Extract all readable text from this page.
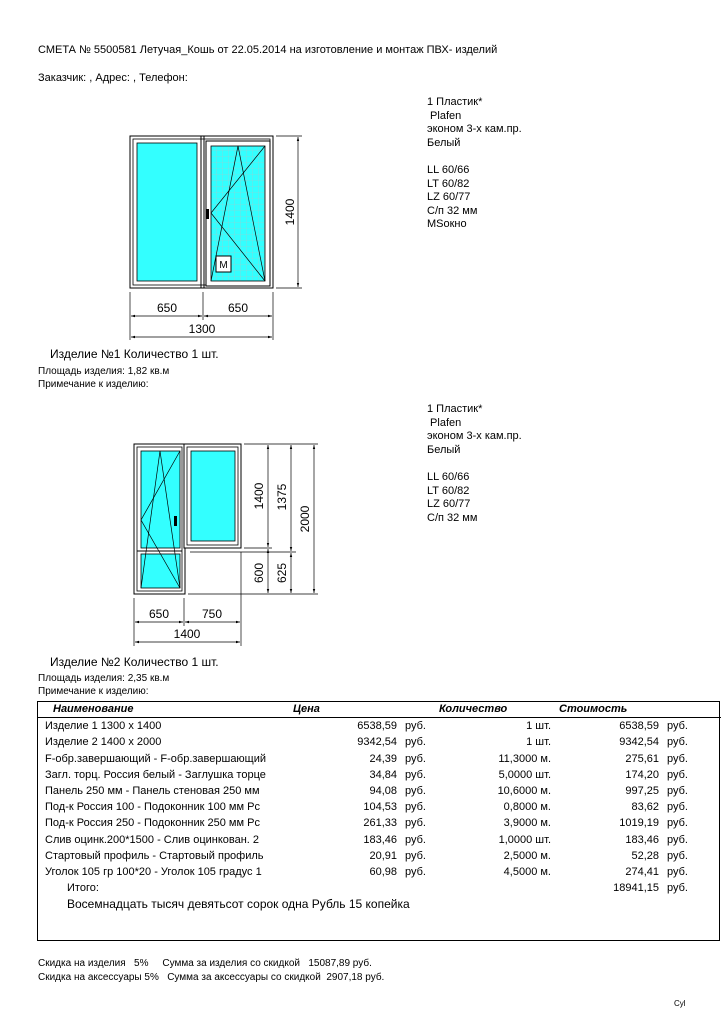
СМЕТА № 5500581 Летучая_Кошь от 22.05.2014 на изготовление и монтаж ПВХ- изделий
Заказчик: , Адрес: , Телефон:
1 Пластик*
Plafen
эконом 3-х кам.пр.
Белый
LL 60/66
LT 60/82
LZ 60/77
С/п 32 мм
MSокно
1 Пластик*
Plafen
эконом 3-х кам.пр.
Белый
LL 60/66
LT 60/82
LZ 60/77
С/п 32 мм
М
650	650
1300
1400
650	750
1400
1400
600
1375
625
2000
Изделие №1 Количество 1 шт.
Площадь изделия: 1,82 кв.м
Примечание к изделию:
Изделие №2 Количество 1 шт.
Площадь изделия: 2,35 кв.м
Примечание к изделию:
Наименование	Цена		Количество	Стоимость	
Изделие 1 1300 x 1400	6538,59	руб.	1 шт.	6538,59	руб.
Изделие 2 1400 x 2000	9342,54	руб.	1 шт.	9342,54	руб.
F-обр.завершающий - F-обр.завершающий	24,39	руб.	11,3000 м.	275,61	руб.
Загл. торц. Россия белый - Заглушка торце	34,84	руб.	5,0000 шт.	174,20	руб.
Панель 250 мм - Панель стеновая 250 мм	94,08	руб.	10,6000 м.	997,25	руб.
Под-к Россия 100 - Подоконник 100 мм Рс	104,53	руб.	0,8000 м.	83,62	руб.
Под-к Россия 250 - Подоконник 250 мм Рс	261,33	руб.	3,9000 м.	1019,19	руб.
Слив оцинк.200*1500 - Слив оцинкован. 2	183,46	руб.	1,0000 шт.	183,46	руб.
Стартовый профиль - Стартовый профиль	20,91	руб.	2,5000 м.	52,28	руб.
Уголок 105 гр 100*20 - Уголок 105 градус 1	60,98	руб.	4,5000 м.	274,41	руб.
Итого:				18941,15	руб.
Восемнадцать тысяч девятьсот сорок одна Рубль 15 копейка					
Скидка на изделия   5%     Сумма за изделия со скидкой   15087,89 руб.
Скидка на аксессуары 5%   Сумма за аксессуары со скидкой  2907,18 руб.
Cyl
